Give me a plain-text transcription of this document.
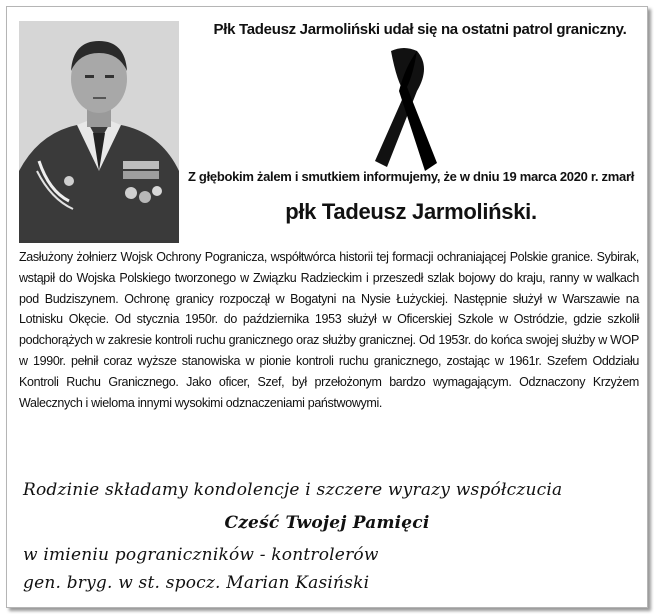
Płk Tadeusz Jarmoliński udał się na ostatni patrol graniczny.
Z głębokim żalem i smutkiem informujemy, że w dniu 19 marca 2020 r. zmarł
płk Tadeusz Jarmoliński.
Zasłużony żołnierz Wojsk Ochrony Pogranicza, współtwórca historii tej formacji ochraniającej Polskie granice. Sybirak, wstąpił do Wojska Polskiego tworzonego w Związku Radzieckim i przeszedł szlak bojowy do kraju, ranny w walkach pod Budziszynem. Ochronę granicy rozpoczął w Bogatyni na Nysie Łużyckiej. Następnie służył w Warszawie na Lotnisku Okęcie. Od stycznia 1950r. do października 1953 służył w Oficerskiej Szkole w Ostródzie, gdzie szkolił podchorążych w zakresie kontroli ruchu granicznego oraz służby granicznej. Od 1953r. do końca swojej służby w WOP w 1990r. pełnił coraz wyższe stanowiska w pionie kontroli ruchu granicznego, zostając w 1961r. Szefem Oddziału Kontroli Ruchu Granicznego. Jako oficer, Szef, był przełożonym bardzo wymagającym. Odznaczony Krzyżem Walecznych i wieloma innymi wysokimi odznaczeniami państwowymi.
Rodzinie składamy kondolencje i szczere wyrazy współczucia
Cześć Twojej Pamięci
w imieniu pograniczników - kontrolerów
gen. bryg. w st. spocz. Marian Kasiński
